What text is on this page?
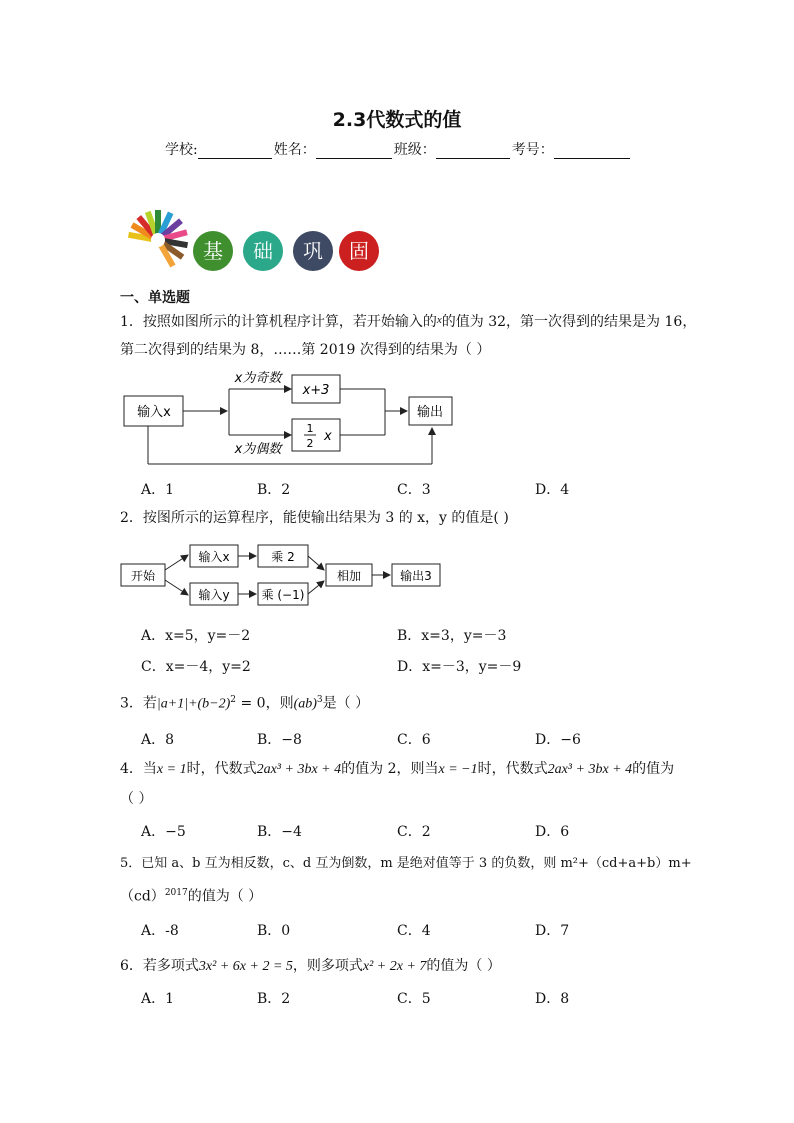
2.3代数式的值
学校:	姓名：	班级：	考号：
基	础	巩	固
一、单选题
1．按照如图所示的计算机程序计算，若开始输入的$^x$的值为 32，第一次得到的结果是为 16，
第二次得到的结果为 8，……第 2019 次得到的结果为（ ）
输入x
x为奇数
x为偶数
x+3
1
2 x
输出
A．1	B．2	C．3	D．4
2．按图所示的运算程序，能使输出结果为 3 的 x，y 的值是( )
开始
输入x
输入y
乘 2
乘 (−1)
相加	输出3
A．x=5，y=－2	B．x=3，y=－3
C．x=－4，y=2	D．x=－3，y=－9
3．若$|a+1|+(b-2)^2 = 0$，则(ab)$^3$是（ ）
A．8	B．−8	C．6	D．−6
4．当x = 1时，代数式2ax³ + 3bx + 4的值为 2，则当x = −1时，代数式2ax³ + 3bx + 4的值为
（ ）
A．−5	B．−4	C．2	D．6
5．已知 a、b 互为相反数，c、d 互为倒数，m 是绝对值等于 3 的负数，则 m²+（cd+a+b）m+
（cd）$^{2017}$的值为（ ）
A．-8	B．0	C．4	D．7
6．若多项式3x² + 6x + 2 = 5，则多项式x² + 2x + 7的值为（ ）
A．1	B．2	C．5	D．8
